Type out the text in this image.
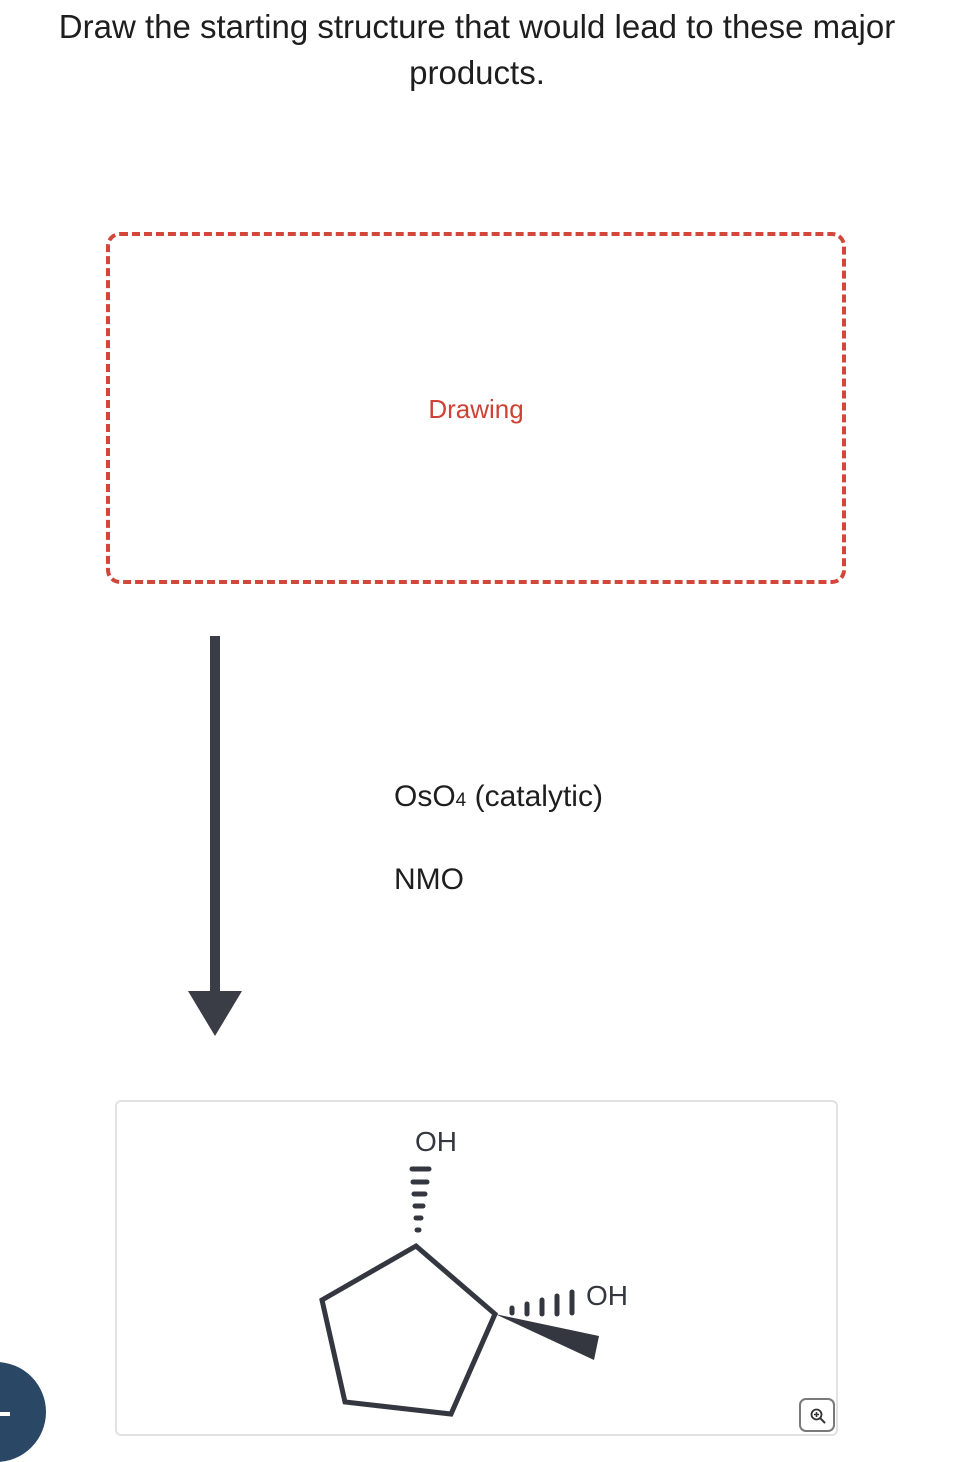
Draw the starting structure that would lead to these major
products.
Drawing
OsO4 (catalytic)
NMO
OH
OH
